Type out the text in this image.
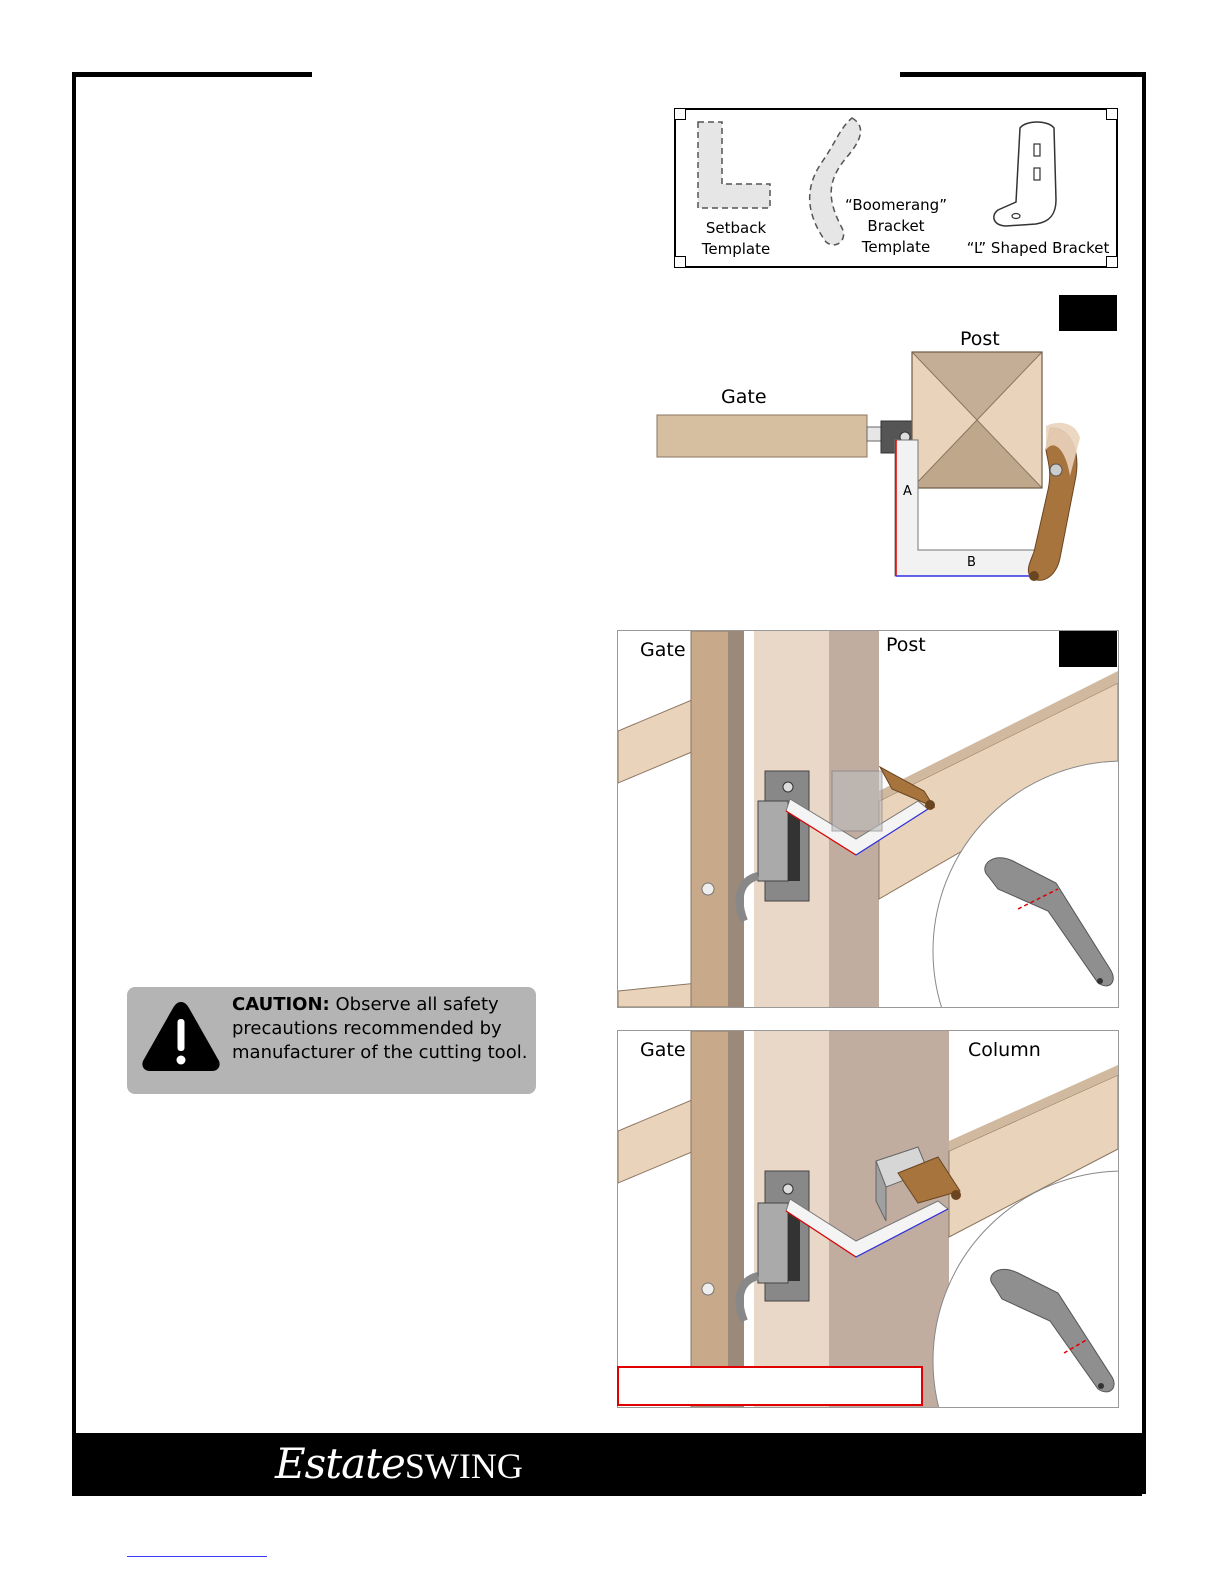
Setback
Template
“Boomerang”
Bracket
Template	“L” Shaped Bracket
Post
Gate
A
B
Gate	Post
CAUTION: Observe all safety precautions recommended by manufacturer of the cutting tool.	Gate	Column
EstateSWING
